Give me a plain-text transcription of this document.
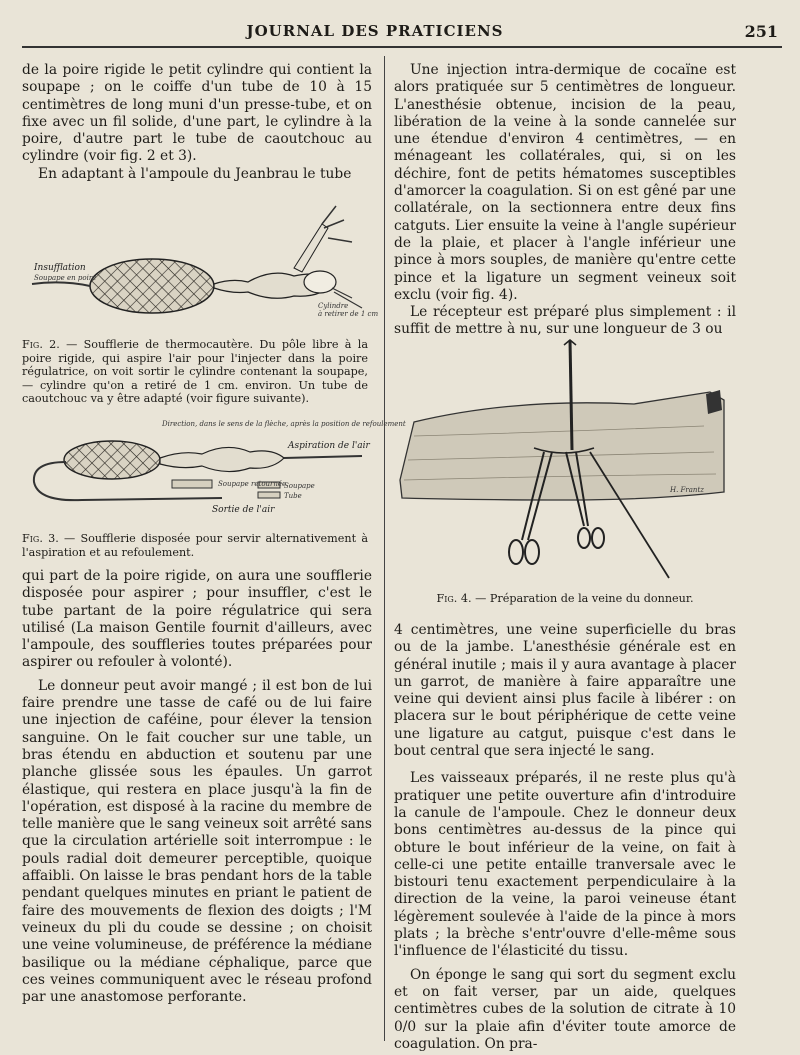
JOURNAL DES PRATICIENS	251

de la poire rigide le petit cylindre qui contient la soupape ; on le coiffe d'un tube de 10 à 15 centimètres de long muni d'un presse-tube, et on fixe avec un fil solide, d'une part, le cylindre à la poire, d'autre part le tube de caoutchouc au cylindre (voir fig. 2 et 3).

En adaptant à l'ampoule du Jeanbrau le tube

Insufflation
Soupape en poire
Cylindre
à retirer de 1 cm
Fig. 2. — Soufflerie de thermocautère. Du pôle libre à la poire rigide, qui aspire l'air pour l'injecter dans la poire régulatrice, on voit sortir le cylindre contenant la soupape, — cylindre qu'on a retiré de 1 cm. environ. Un tube de caoutchouc va y être adapté (voir figure suivante).
Direction, dans le sens de la flèche, après la position de refoulement
Aspiration de l'air
Soupape retournée
Soupape
Tube
Sortie de l'air
Fig. 3. — Soufflerie disposée pour servir alternativement à l'aspiration et au refoulement.

qui part de la poire rigide, on aura une soufflerie disposée pour aspirer ; pour insuffler, c'est le tube partant de la poire régulatrice qui sera utilisé (La maison Gentile fournit d'ailleurs, avec l'ampoule, des souffleries toutes préparées pour aspirer ou refouler à volonté).

Le donneur peut avoir mangé ; il est bon de lui faire prendre une tasse de café ou de lui faire une injection de caféine, pour élever la tension sanguine. On le fait coucher sur une table, un bras étendu en abduction et soutenu par une planche glissée sous les épaules. Un garrot élastique, qui restera en place jusqu'à la fin de l'opération, est disposé à la racine du membre de telle manière que le sang veineux soit arrêté sans que la circulation artérielle soit interrompue : le pouls radial doit demeurer perceptible, quoique affaibli. On laisse le bras pendant hors de la table pendant quelques minutes en priant le patient de faire des mouvements de flexion des doigts ; l'M veineux du pli du coude se dessine ; on choisit une veine volumineuse, de préférence la médiane basilique ou la médiane céphalique, parce que ces veines communiquent avec le réseau profond par une anastomose perforante.

Une injection intra-dermique de cocaïne est alors pratiquée sur 5 centimètres de longueur. L'anesthésie obtenue, incision de la peau, libération de la veine à la sonde cannelée sur une étendue d'environ 4 centimètres, — en ménageant les collatérales, qui, si on les déchire, font de petits hématomes susceptibles d'amorcer la coagulation. Si on est gêné par une collatérale, on la sectionnera entre deux fins catguts. Lier ensuite la veine à l'angle supérieur de la plaie, et placer à l'angle inférieur une pince à mors souples, de manière qu'entre cette pince et la ligature un segment veineux soit exclu (voir fig. 4).

Le récepteur est préparé plus simplement : il suffit de mettre à nu, sur une longueur de 3 ou

H. Frantz
Fig. 4. — Préparation de la veine du donneur.

4 centimètres, une veine superficielle du bras ou de la jambe. L'anesthésie générale est en général inutile ; mais il y aura avantage à placer un garrot, de manière à faire apparaître une veine qui devient ainsi plus facile à libérer : on placera sur le bout périphérique de cette veine une ligature au catgut, puisque c'est dans le bout central que sera injecté le sang.

Les vaisseaux préparés, il ne reste plus qu'à pratiquer une petite ouverture afin d'introduire la canule de l'ampoule. Chez le donneur deux bons centimètres au-dessus de la pince qui obture le bout inférieur de la veine, on fait à celle-ci une petite entaille tranversale avec le bistouri tenu exactement perpendiculaire à la direction de la veine, la paroi veineuse étant légèrement soulevée à l'aide de la pince à mors plats ; la brèche s'entr'ouvre d'elle-même sous l'influence de l'élasticité du tissu.

On éponge le sang qui sort du segment exclu et on fait verser, par un aide, quelques centimètres cubes de la solution de citrate à 10 0/0 sur la plaie afin d'éviter toute amorce de coagulation. On pra-
